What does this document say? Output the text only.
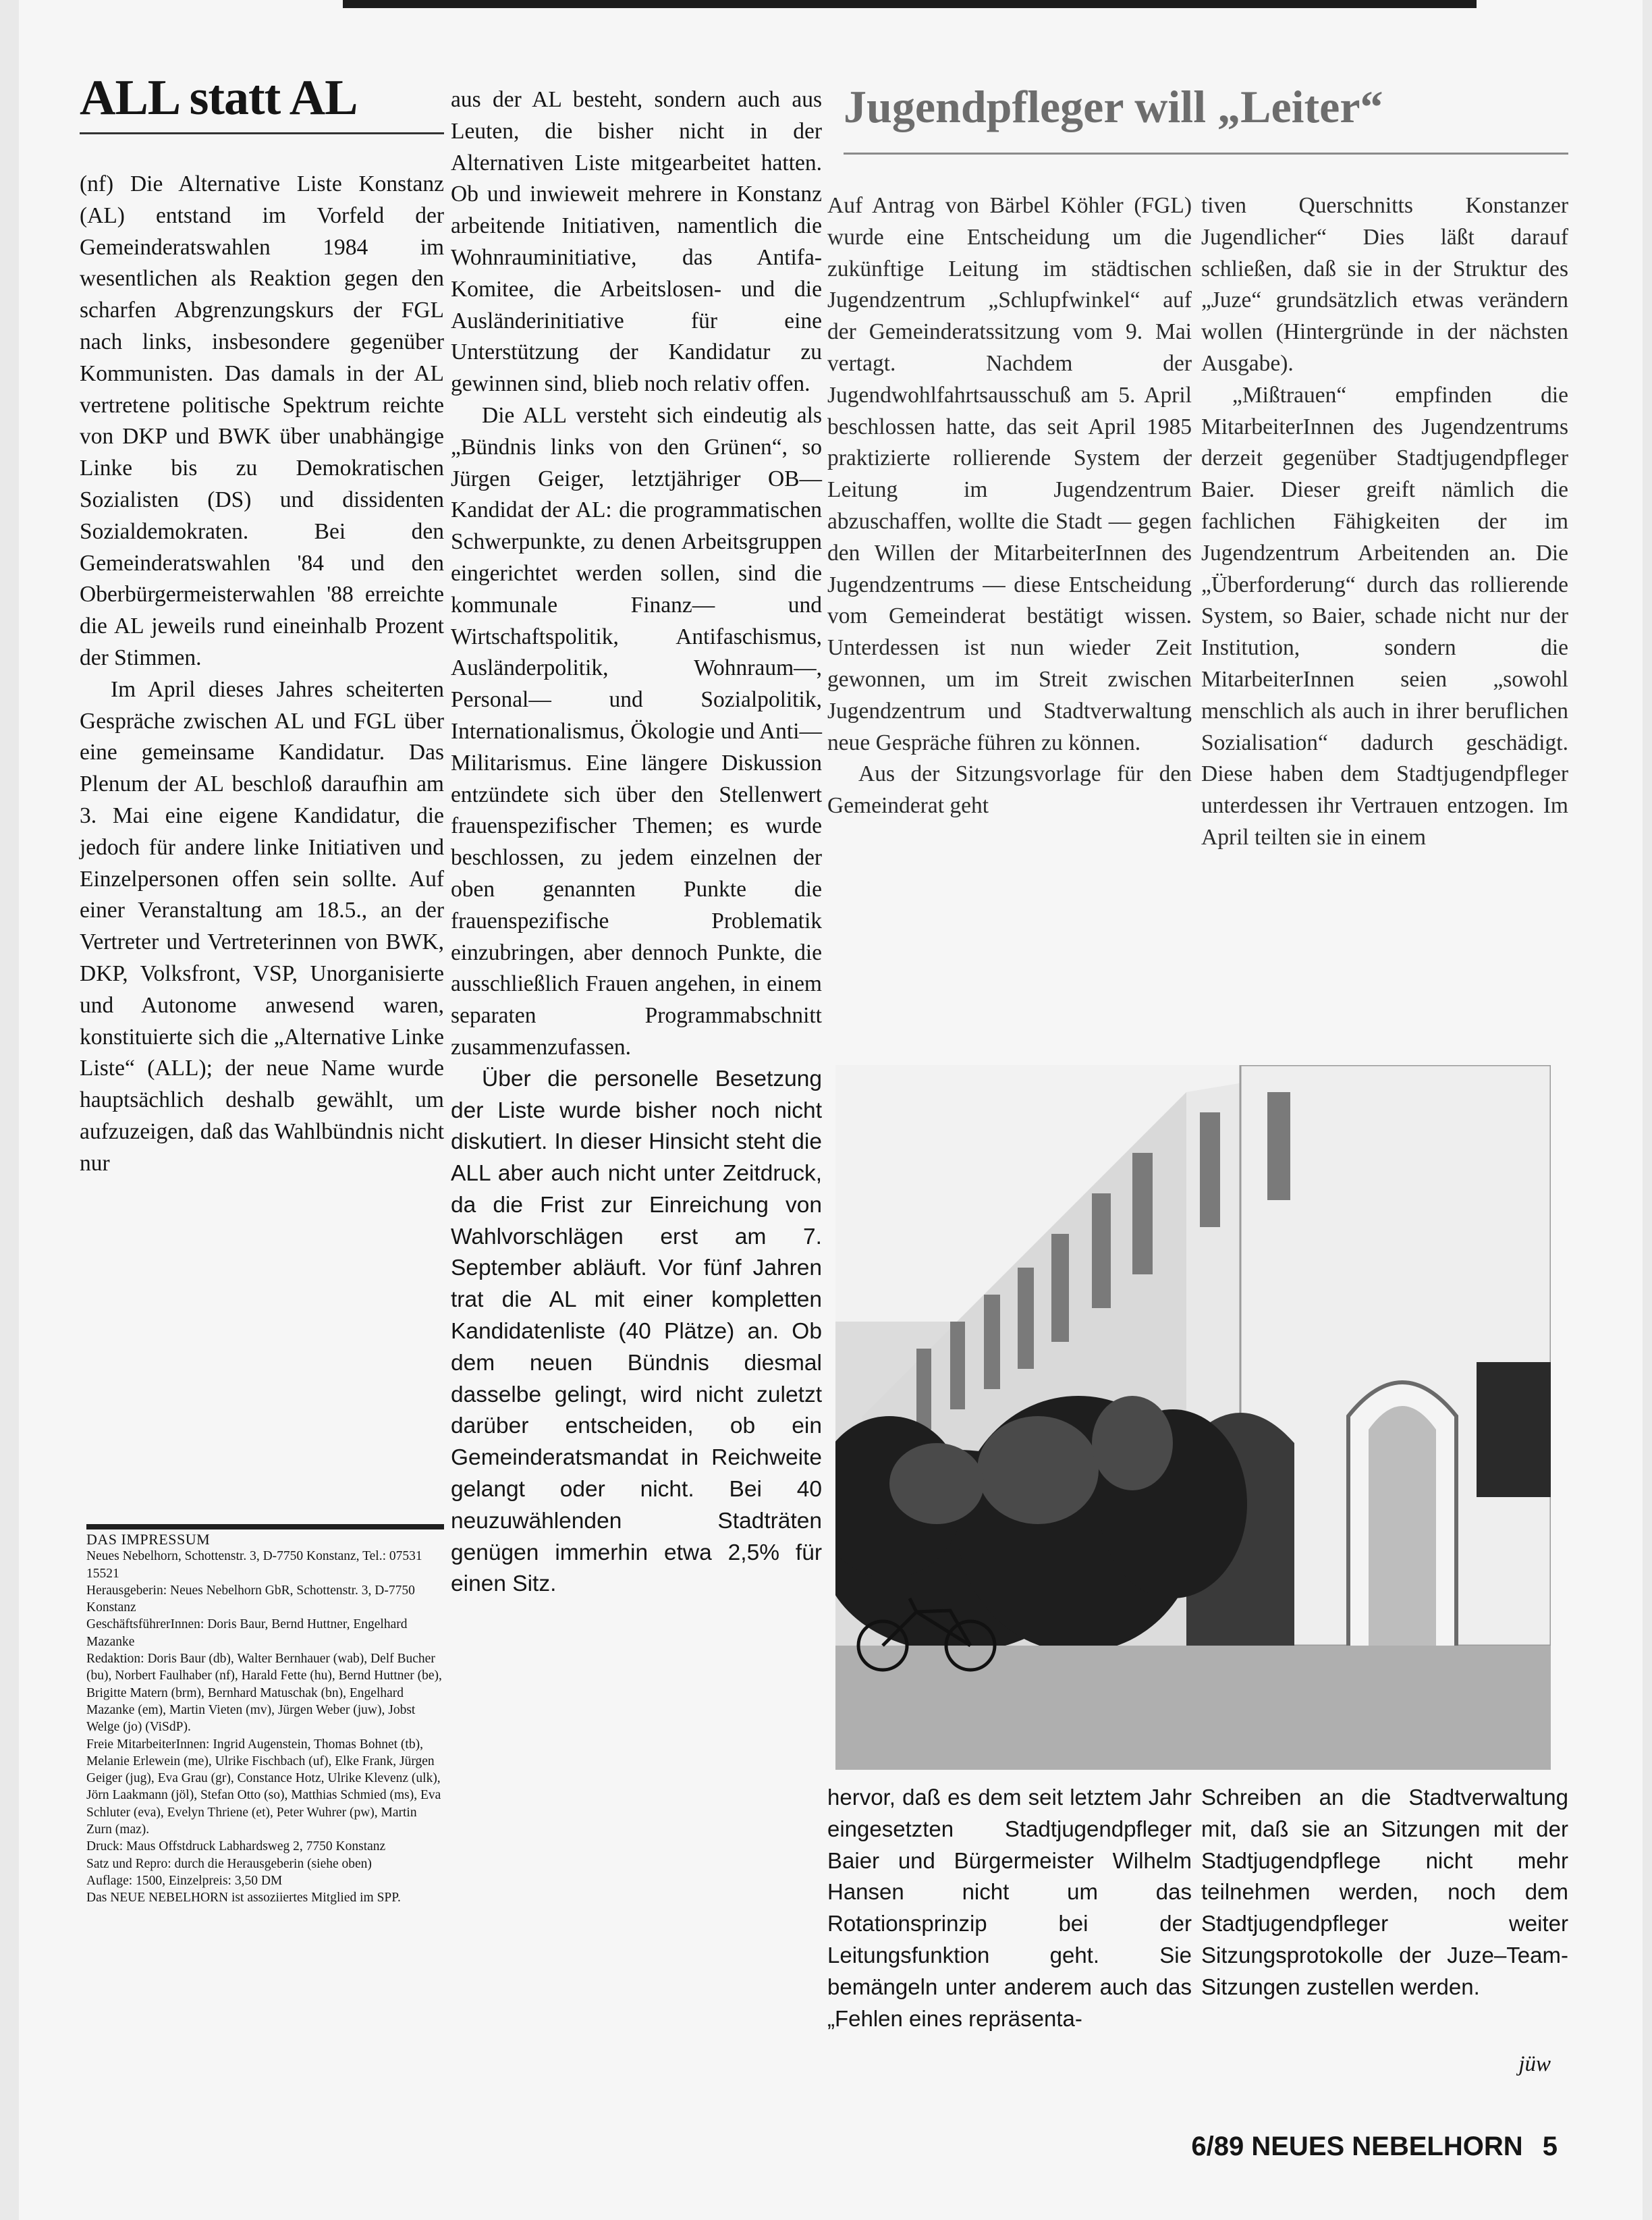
ALL statt AL

(nf) Die Alternative Liste Konstanz (AL) entstand im Vorfeld der Gemeinderatswahlen 1984 im wesentlichen als Reaktion gegen den scharfen Abgrenzungskurs der FGL nach links, insbesondere gegenüber Kommunisten. Das damals in der AL vertretene politische Spektrum reichte von DKP und BWK über unabhängige Linke bis zu Demokratischen Sozialisten (DS) und dissidenten Sozialdemokraten. Bei den Gemeinderatswahlen '84 und den Oberbürgermeisterwahlen '88 erreichte die AL jeweils rund eineinhalb Prozent der Stimmen.

Im April dieses Jahres scheiterten Gespräche zwischen AL und FGL über eine gemeinsame Kandidatur. Das Plenum der AL beschloß daraufhin am 3. Mai eine eigene Kandidatur, die jedoch für andere linke Initiativen und Einzelpersonen offen sein sollte. Auf einer Veranstaltung am 18.5., an der Vertreter und Vertreterinnen von BWK, DKP, Volksfront, VSP, Unorganisierte und Autonome anwesend waren, konstituierte sich die „Alternative Linke Liste“ (ALL); der neue Name wurde hauptsächlich deshalb gewählt, um aufzuzeigen, daß das Wahlbündnis nicht nur

DAS IMPRESSUM
Neues Nebelhorn, Schottenstr. 3, D-7750 Konstanz, Tel.: 07531 15521
Herausgeberin: Neues Nebelhorn GbR, Schottenstr. 3, D-7750 Konstanz
GeschäftsführerInnen: Doris Baur, Bernd Huttner, Engelhard Mazanke
Redaktion: Doris Baur (db), Walter Bernhauer (wab), Delf Bucher (bu), Norbert Faulhaber (nf), Harald Fette (hu), Bernd Huttner (be), Brigitte Matern (brm), Bernhard Matuschak (bn), Engelhard Mazanke (em), Martin Vieten (mv), Jürgen Weber (juw), Jobst Welge (jo) (ViSdP).
Freie MitarbeiterInnen: Ingrid Augenstein, Thomas Bohnet (tb), Melanie Erlewein (me), Ulrike Fischbach (uf), Elke Frank, Jürgen Geiger (jug), Eva Grau (gr), Constance Hotz, Ulrike Klevenz (ulk), Jörn Laakmann (jöl), Stefan Otto (so), Matthias Schmied (ms), Eva Schluter (eva), Evelyn Thriene (et), Peter Wuhrer (pw), Martin Zurn (maz).
Druck: Maus Offstdruck Labhardsweg 2, 7750 Konstanz
Satz und Repro: durch die Herausgeberin (siehe oben)
Auflage: 1500, Einzelpreis: 3,50 DM
Das NEUE NEBELHORN ist assoziiertes Mitglied im SPP.

aus der AL besteht, sondern auch aus Leuten, die bisher nicht in der Alternativen Liste mitgearbeitet hatten. Ob und inwieweit mehrere in Konstanz arbeitende Initiativen, namentlich die Wohnrauminitiative, das Antifa-Komitee, die Arbeitslosen- und die Ausländerinitiative für eine Unterstützung der Kandidatur zu gewinnen sind, blieb noch relativ offen.

Die ALL versteht sich eindeutig als „Bündnis links von den Grünen“, so Jürgen Geiger, letztjähriger OB—Kandidat der AL: die programmatischen Schwerpunkte, zu denen Arbeitsgruppen eingerichtet werden sollen, sind die kommunale Finanz— und Wirtschaftspolitik, Antifaschismus, Ausländerpolitik, Wohnraum—, Personal— und Sozialpolitik, Internationalismus, Ökologie und Anti—Militarismus. Eine längere Diskussion entzündete sich über den Stellenwert frauenspezifischer Themen; es wurde beschlossen, zu jedem einzelnen der oben genannten Punkte die frauenspezifische Problematik einzubringen, aber dennoch Punkte, die ausschließlich Frauen angehen, in einem separaten Programmabschnitt zusammenzufassen.

Über die personelle Besetzung der Liste wurde bisher noch nicht diskutiert. In dieser Hinsicht steht die ALL aber auch nicht unter Zeitdruck, da die Frist zur Einreichung von Wahlvorschlägen erst am 7. September abläuft. Vor fünf Jahren trat die AL mit einer kompletten Kandidatenliste (40 Plätze) an. Ob dem neuen Bündnis diesmal dasselbe gelingt, wird nicht zuletzt darüber entscheiden, ob ein Gemeinderatsmandat in Reichweite gelangt oder nicht. Bei 40 neuzuwählenden Stadträten genügen immerhin etwa 2,5% für einen Sitz.

Jugendpfleger will „Leiter“

Auf Antrag von Bärbel Köhler (FGL) wurde eine Entscheidung um die zukünftige Leitung im städtischen Jugendzentrum „Schlupfwinkel“ auf der Gemeinderatssitzung vom 9. Mai vertagt. Nachdem der Jugendwohlfahrtsausschuß am 5. April beschlossen hatte, das seit April 1985 praktizierte rollierende System der Leitung im Jugendzentrum abzuschaffen, wollte die Stadt — gegen den Willen der MitarbeiterInnen des Jugendzentrums — diese Entscheidung vom Gemeinderat bestätigt wissen. Unterdessen ist nun wieder Zeit gewonnen, um im Streit zwischen Jugendzentrum und Stadtverwaltung neue Gespräche führen zu können.

Aus der Sitzungsvorlage für den Gemeinderat geht

tiven Querschnitts Konstanzer Jugendlicher“ Dies läßt darauf schließen, daß sie in der Struktur des „Juze“ grundsätzlich etwas verändern wollen (Hintergründe in der nächsten Ausgabe).

„Mißtrauen“ empfinden die MitarbeiterInnen des Jugendzentrums derzeit gegenüber Stadtjugendpfleger Baier. Dieser greift nämlich die fachlichen Fähigkeiten der im Jugendzentrum Arbeitenden an. Die „Überforderung“ durch das rollierende System, so Baier, schade nicht nur der Institution, sondern die MitarbeiterInnen seien „sowohl menschlich als auch in ihrer beruflichen Sozialisation“ dadurch geschädigt. Diese haben dem Stadtjugendpfleger unterdessen ihr Vertrauen entzogen. Im April teilten sie in einem

hervor, daß es dem seit letztem Jahr eingesetzten Stadtjugendpfleger Baier und Bürgermeister Wilhelm Hansen nicht um das Rotationsprinzip bei der Leitungsfunktion geht. Sie bemängeln unter anderem auch das „Fehlen eines repräsenta-

Schreiben an die Stadtverwaltung mit, daß sie an Sitzungen mit der Stadtjugendpflege nicht mehr teilnehmen werden, noch dem Stadtjugendpfleger weiter Sitzungsprotokolle der Juze–Team-Sitzungen zustellen werden.

jüw
6/89 NEUES NEBELHORN 5
